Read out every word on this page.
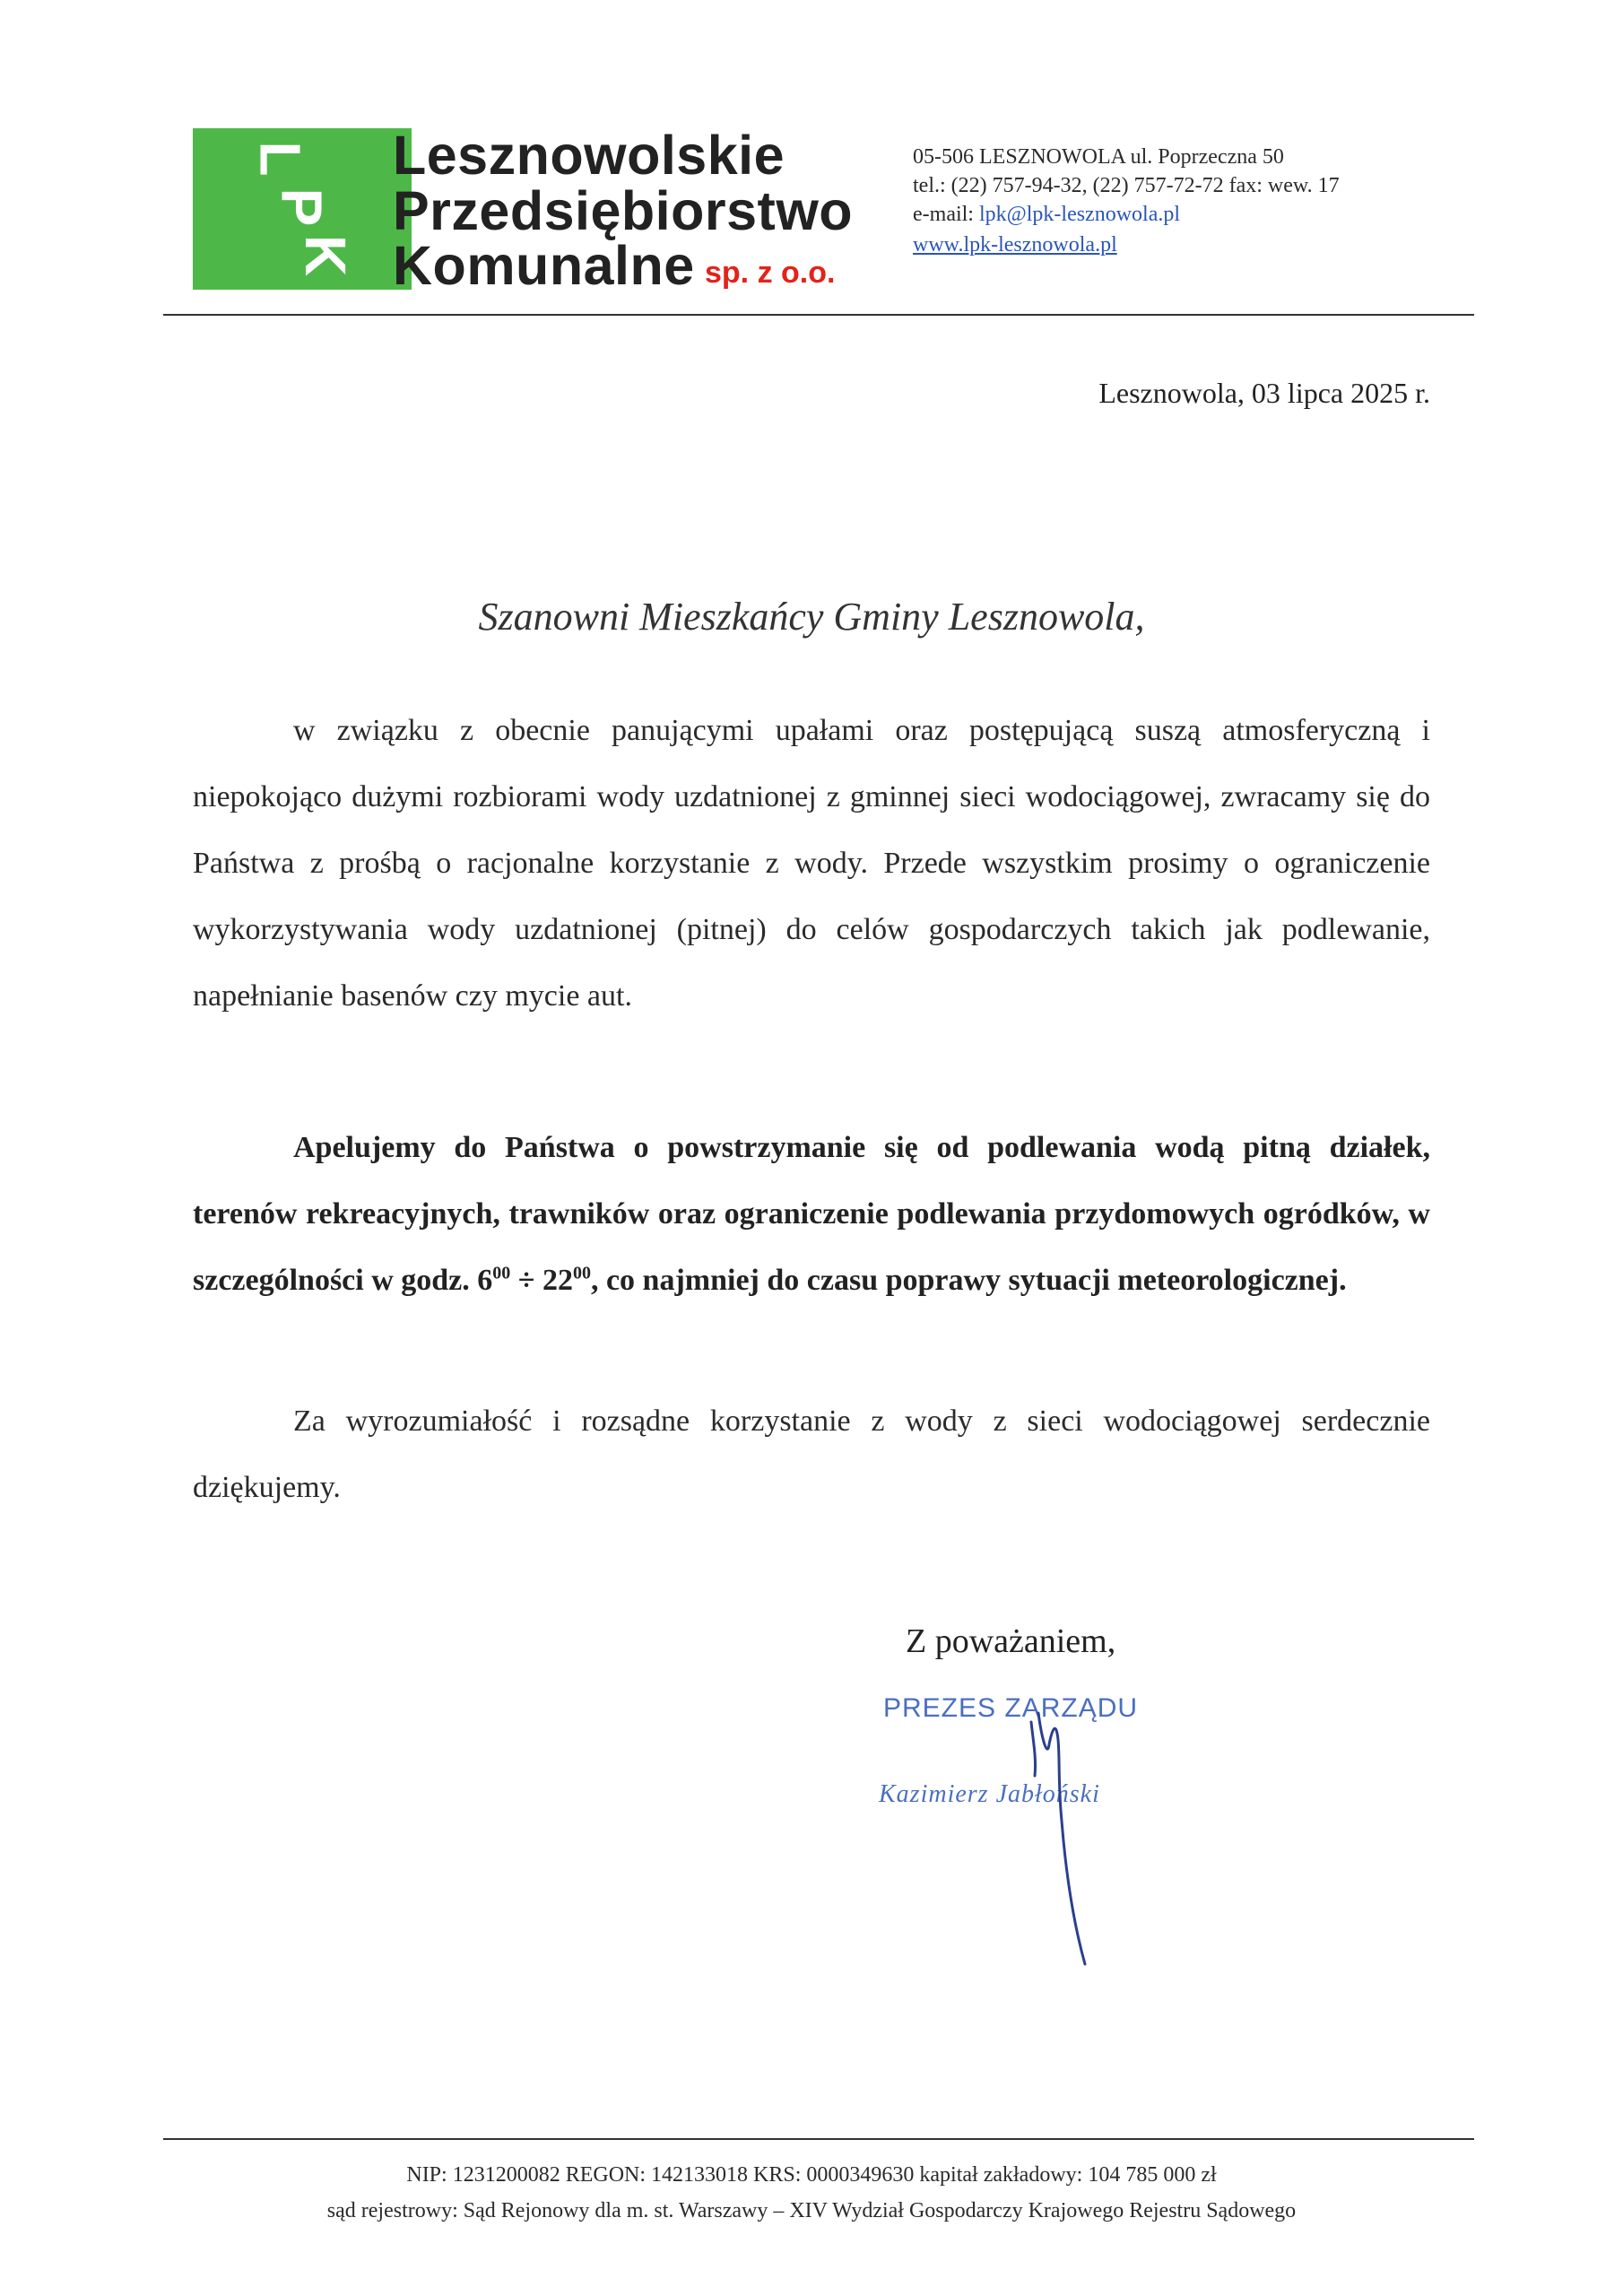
L
P
K
Lesznowolskie
Przedsiębiorstwo
Komunalne sp. z o.o.
05-506 LESZNOWOLA ul. Poprzeczna 50
tel.: (22) 757-94-32, (22) 757-72-72 fax: wew. 17
e-mail: lpk@lpk-lesznowola.pl
www.lpk-lesznowola.pl
Lesznowola, 03 lipca 2025 r.
Szanowni Mieszkańcy Gminy Lesznowola,

w związku z obecnie panującymi upałami oraz postępującą suszą atmosferyczną i niepokojąco dużymi rozbiorami wody uzdatnionej z gminnej sieci wodociągowej, zwracamy się do Państwa z prośbą o racjonalne korzystanie z wody. Przede wszystkim prosimy o ograniczenie wykorzystywania wody uzdatnionej (pitnej) do celów gospodarczych takich jak podlewanie, napełnianie basenów czy mycie aut.

Apelujemy do Państwa o powstrzymanie się od podlewania wodą pitną działek, terenów rekreacyjnych, trawników oraz ograniczenie podlewania przydomowych ogródków, w szczególności w godz. $6^{00} \div 22^{00}$, co najmniej do czasu poprawy sytuacji meteorologicznej.

Za wyrozumiałość i rozsądne korzystanie z wody z sieci wodociągowej serdecznie dziękujemy.

Z poważaniem,
PREZES ZARZĄDU
Kazimierz Jabłoński
NIP: 1231200082 REGON: 142133018 KRS: 0000349630 kapitał zakładowy: 104 785 000 zł
sąd rejestrowy: Sąd Rejonowy dla m. st. Warszawy – XIV Wydział Gospodarczy Krajowego Rejestru Sądowego
